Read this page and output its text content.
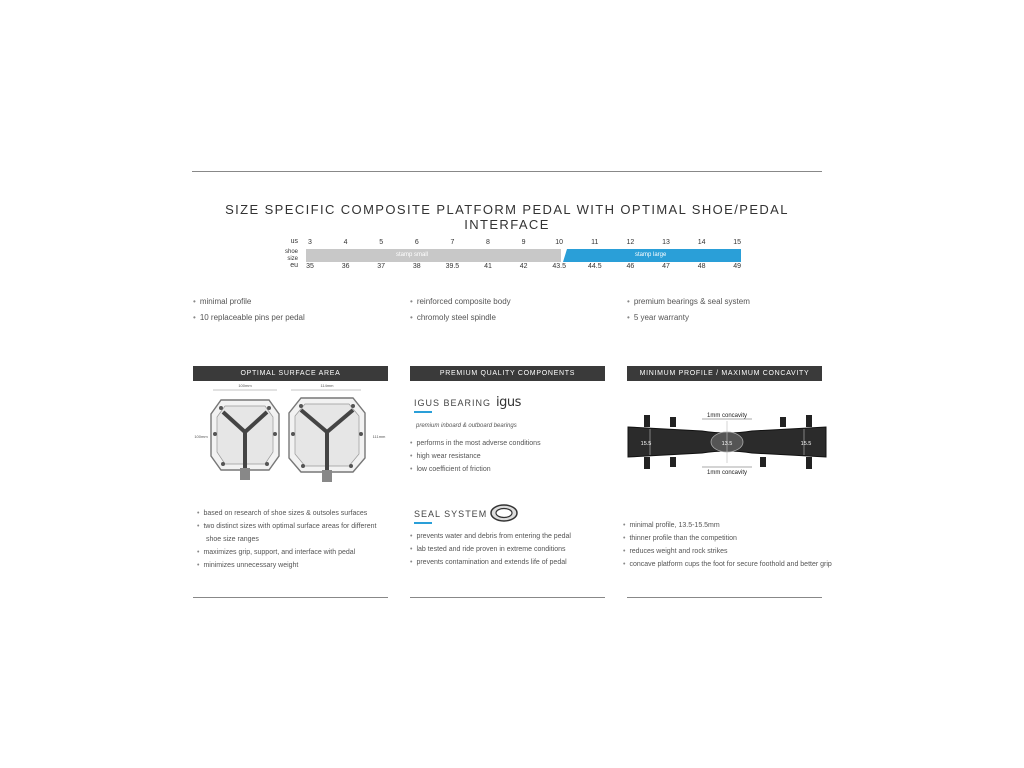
SIZE SPECIFIC COMPOSITE PLATFORM PEDAL WITH OPTIMAL SHOE/PEDAL INTERFACE
us
shoe size
eu
stamp small	stamp large
3	4	5	6	7	8	9	10	11	12	13	14	15
35	36	37	38	39.5	41	42	43.5	44.5	46	47	48	49
• minimal profile
• 10 replaceable pins per pedal
• reinforced composite body
• chromoly steel spindle
• premium bearings & seal system
• 5 year warranty
OPTIMAL SURFACE AREA
100mm	114mm
100mm	111mm
• based on research of shoe sizes & outsoles surfaces
• two distinct sizes with optimal surface areas for different
shoe size ranges
• maximizes grip, support, and interface with pedal
• minimizes unnecessary weight
PREMIUM QUALITY COMPONENTS
IGUS BEARING igus
premium inboard & outboard bearings
• performs in the most adverse conditions
• high wear resistance
• low coefficient of friction
SEAL SYSTEM
• prevents water and debris from entering the pedal
• lab tested and ride proven in extreme conditions
• prevents contamination and extends life of pedal
MINIMUM PROFILE / MAXIMUM CONCAVITY
1mm concavity
1mm concavity
15.5	13.5	15.5
• minimal profile, 13.5-15.5mm
• thinner profile than the competition
• reduces weight and rock strikes
• concave platform cups the foot for secure foothold and better grip
